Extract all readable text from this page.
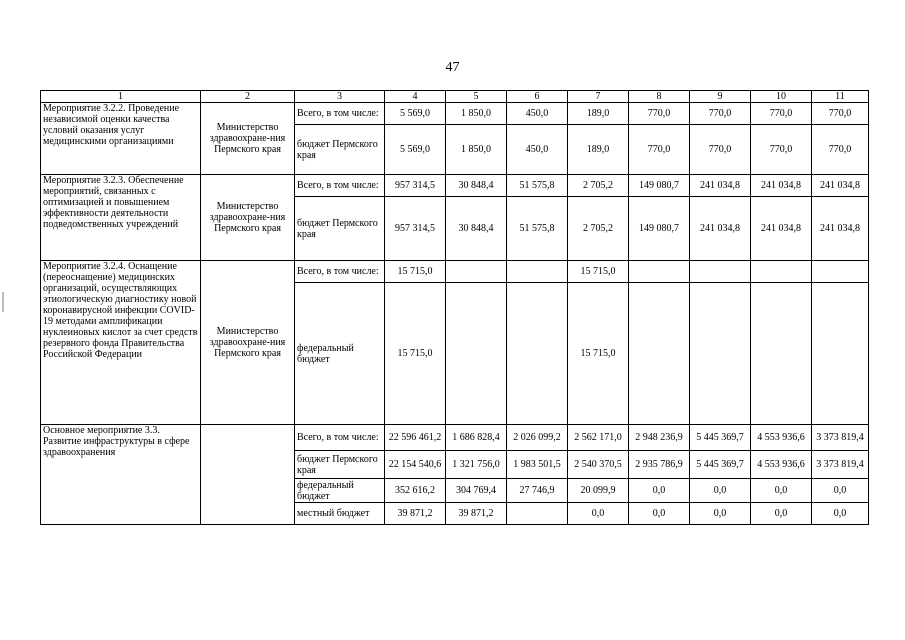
47
1	2	3	4	5	6	7	8	9	10	11
Мероприятие 3.2.2. Проведение независимой оценки качества условий оказания услуг медицинскими организациями	Министерство здравоохране-ния Пермского края	Всего, в том числе:	5 569,0	1 850,0	450,0	189,0	770,0	770,0	770,0	770,0
		бюджет Пермского края	5 569,0	1 850,0	450,0	189,0	770,0	770,0	770,0	770,0
Мероприятие 3.2.3. Обеспечение мероприятий, связанных с оптимизацией и повышением эффективности деятельности подведомственных учреждений	Министерство здравоохране-ния Пермского края	Всего, в том числе:	957 314,5	30 848,4	51 575,8	2 705,2	149 080,7	241 034,8	241 034,8	241 034,8
		бюджет Пермского края	957 314,5	30 848,4	51 575,8	2 705,2	149 080,7	241 034,8	241 034,8	241 034,8
Мероприятие 3.2.4. Оснащение (переоснащение) медицинских организаций, осуществляющих этиологическую диагностику новой коронавирусной инфекции COVID-19 методами амплификации нуклеиновых кислот за счет средств резервного фонда Правительства Российской Федерации	Министерство здравоохране-ния Пермского края	Всего, в том числе:	15 715,0			15 715,0				
		федеральный бюджет	15 715,0			15 715,0				
Основное мероприятие 3.3. Развитие инфраструктуры в сфере здравоохранения		Всего, в том числе:	22 596 461,2	1 686 828,4	2 026 099,2	2 562 171,0	2 948 236,9	5 445 369,7	4 553 936,6	3 373 819,4
		бюджет Пермского края	22 154 540,6	1 321 756,0	1 983 501,5	2 540 370,5	2 935 786,9	5 445 369,7	4 553 936,6	3 373 819,4
		федеральный бюджет	352 616,2	304 769,4	27 746,9	20 099,9	0,0	0,0	0,0	0,0
		местный бюджет	39 871,2	39 871,2		0,0	0,0	0,0	0,0	0,0
